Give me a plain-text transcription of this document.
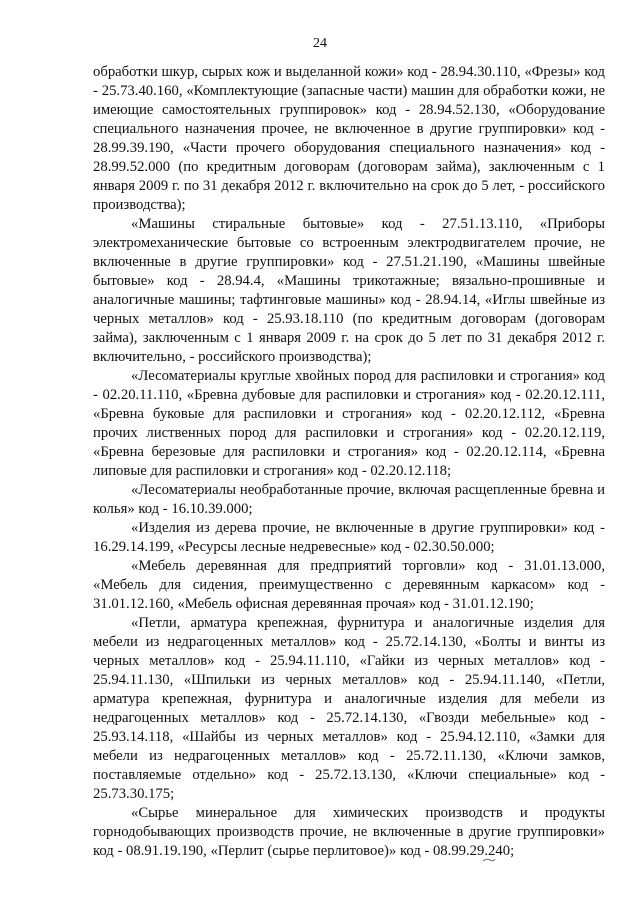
24

обработки шкур, сырых кож и выделанной кожи» код - 28.94.30.110, «Фрезы» код - 25.73.40.160, «Комплектующие (запасные части) машин для обработки кожи, не имеющие самостоятельных группировок» код - 28.94.52.130, «Оборудование специального назначения прочее, не включенное в другие группировки» код - 28.99.39.190, «Части прочего оборудования специального назначения» код - 28.99.52.000 (по кредитным договорам (договорам займа), заключенным с 1 января 2009 г. по 31 декабря 2012 г. включительно на срок до 5 лет, - российского производства);

«Машины стиральные бытовые» код - 27.51.13.110, «Приборы электромеханические бытовые со встроенным электродвигателем прочие, не включенные в другие группировки» код - 27.51.21.190, «Машины швейные бытовые» код - 28.94.4, «Машины трикотажные; вязально-прошивные и аналогичные машины; тафтинговые машины» код - 28.94.14, «Иглы швейные из черных металлов» код - 25.93.18.110 (по кредитным договорам (договорам займа), заключенным с 1 января 2009 г. на срок до 5 лет по 31 декабря 2012 г. включительно, - российского производства);

«Лесоматериалы круглые хвойных пород для распиловки и строгания» код - 02.20.11.110, «Бревна дубовые для распиловки и строгания» код - 02.20.12.111, «Бревна буковые для распиловки и строгания» код - 02.20.12.112, «Бревна прочих лиственных пород для распиловки и строгания» код - 02.20.12.119, «Бревна березовые для распиловки и строгания» код - 02.20.12.114, «Бревна липовые для распиловки и строгания» код - 02.20.12.118;

«Лесоматериалы необработанные прочие, включая расщепленные бревна и колья» код - 16.10.39.000;

«Изделия из дерева прочие, не включенные в другие группировки» код - 16.29.14.199, «Ресурсы лесные недревесные» код - 02.30.50.000;

«Мебель деревянная для предприятий торговли» код - 31.01.13.000, «Мебель для сидения, преимущественно с деревянным каркасом» код - 31.01.12.160, «Мебель офисная деревянная прочая» код - 31.01.12.190;

«Петли, арматура крепежная, фурнитура и аналогичные изделия для мебели из недрагоценных металлов» код - 25.72.14.130, «Болты и винты из черных металлов» код - 25.94.11.110, «Гайки из черных металлов» код - 25.94.11.130, «Шпильки из черных металлов» код - 25.94.11.140, «Петли, арматура крепежная, фурнитура и аналогичные изделия для мебели из недрагоценных металлов» код - 25.72.14.130, «Гвозди мебельные» код - 25.93.14.118, «Шайбы из черных металлов» код - 25.94.12.110, «Замки для мебели из недрагоценных металлов» код - 25.72.11.130, «Ключи замков, поставляемые отдельно» код - 25.72.13.130, «Ключи специальные» код - 25.73.30.175;

«Сырье минеральное для химических производств и продукты горнодобывающих производств прочие, не включенные в другие группировки» код - 08.91.19.190, «Перлит (сырье перлитовое)» код - 08.99.29.240;
